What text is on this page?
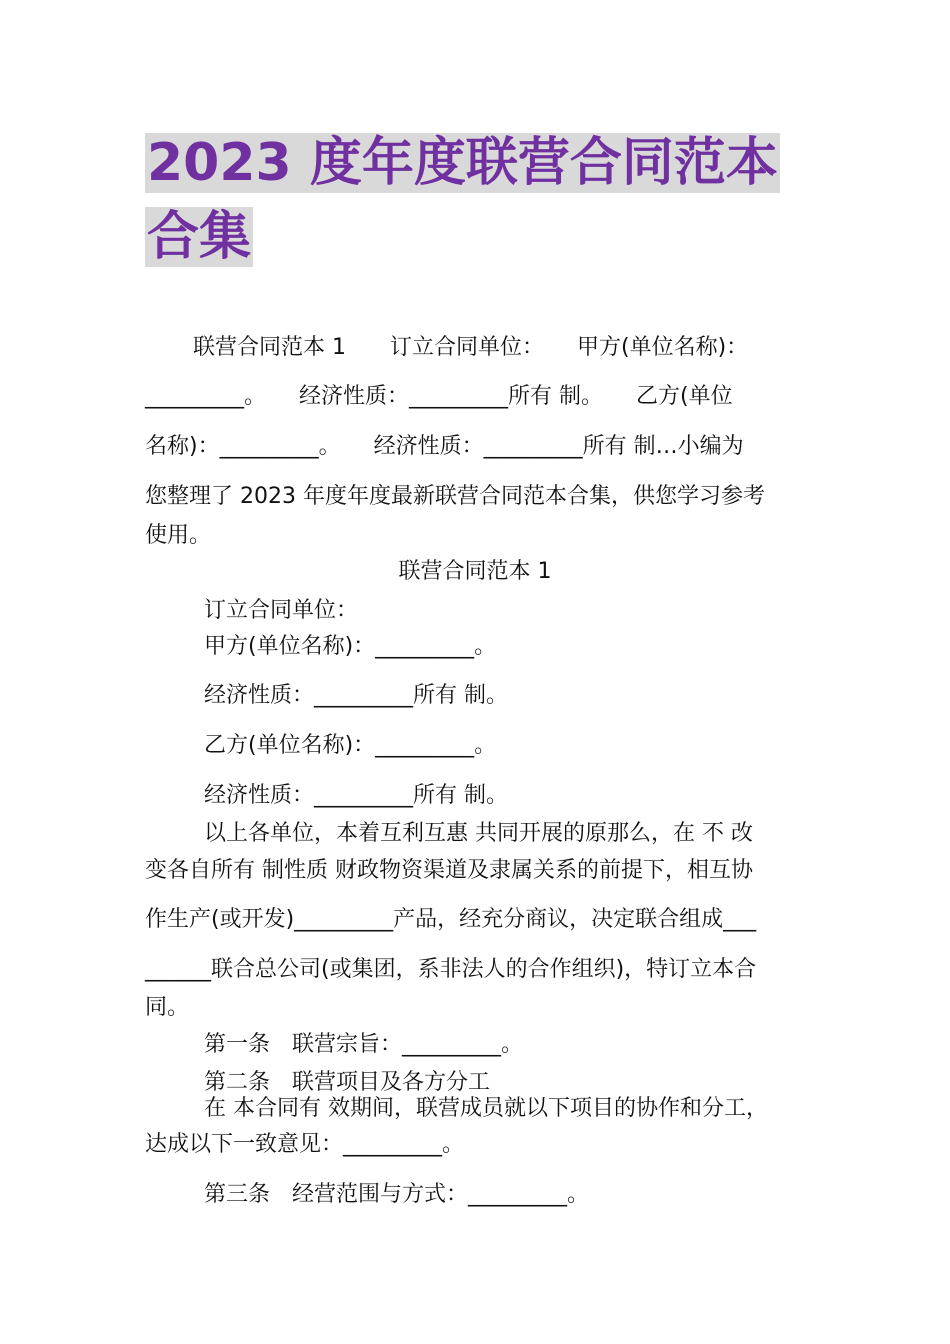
2023 度年度联营合同范本
合集
联营合同范本 1　　订立合同单位：　　甲方(单位名称)：
_________。　　经济性质：_________所有 制。　　乙方(单位
名称)：_________。　　经济性质：_________所有 制…小编为
您整理了 2023 年度年度最新联营合同范本合集，供您学习参考
使用。
联营合同范本 1
订立合同单位：
甲方(单位名称)：_________。
经济性质：_________所有 制。
乙方(单位名称)：_________。
经济性质：_________所有 制。
以上各单位，本着互利互惠 共同开展的原那么，在 不 改
变各自所有 制性质 财政物资渠道及隶属关系的前提下，相互协
作生产(或开发)_________产品，经充分商议，决定联合组成___
______联合总公司(或集团，系非法人的合作组织)，特订立本合
同。
第一条　联营宗旨：_________。
第二条　联营项目及各方分工
在 本合同有 效期间，联营成员就以下项目的协作和分工，
达成以下一致意见：_________。
第三条　经营范围与方式：_________。
